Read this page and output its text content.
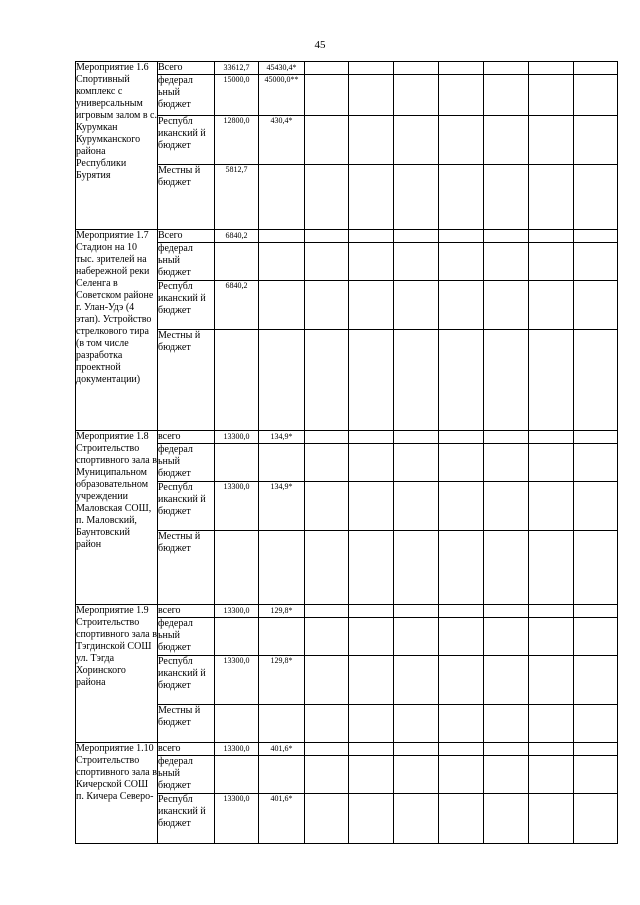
45
Мероприятие 1.6 Спортивный комплекс с универсальным игровым залом в с. Курумкан Курумканского района Республики Бурятия	Всего	33612,7	45430,4*							
	федерал ьный бюджет	15000,0	45000,0**							
	Республ иканский й бюджет	12800,0	430,4*							
	Местны й бюджет	5812,7								
Мероприятие 1.7 Стадион на 10 тыс. зрителей на набережной реки Селенга в Советском районе г. Улан-Удэ (4 этап). Устройство стрелкового тира (в том числе разработка проектной документации)	Всего	6840,2								
	федерал ьный бюджет									
	Республ иканский й бюджет	6840,2								
	Местны й бюджет									
Мероприятие 1.8 Строительство спортивного зала в Муниципальном образовательном учреждении Маловская СОШ, п. Маловский, Баунтовский район	всего	13300,0	134,9*							
	федерал ьный бюджет									
	Республ иканский й бюджет	13300,0	134,9*							
	Местны й бюджет									
Мероприятие 1.9 Строительство спортивного зала в Тэгдинской СОШ ул. Тэгда Хоринского района	всего	13300,0	129,8*							
	федерал ьный бюджет									
	Республ иканский й бюджет	13300,0	129,8*							
	Местны й бюджет									
Мероприятие 1.10 Строительство спортивного зала в Кичерской СОШ п. Кичера Северо-	всего	13300,0	401,6*							
	федерал ьный бюджет									
	Республ иканский й бюджет	13300,0	401,6*							
